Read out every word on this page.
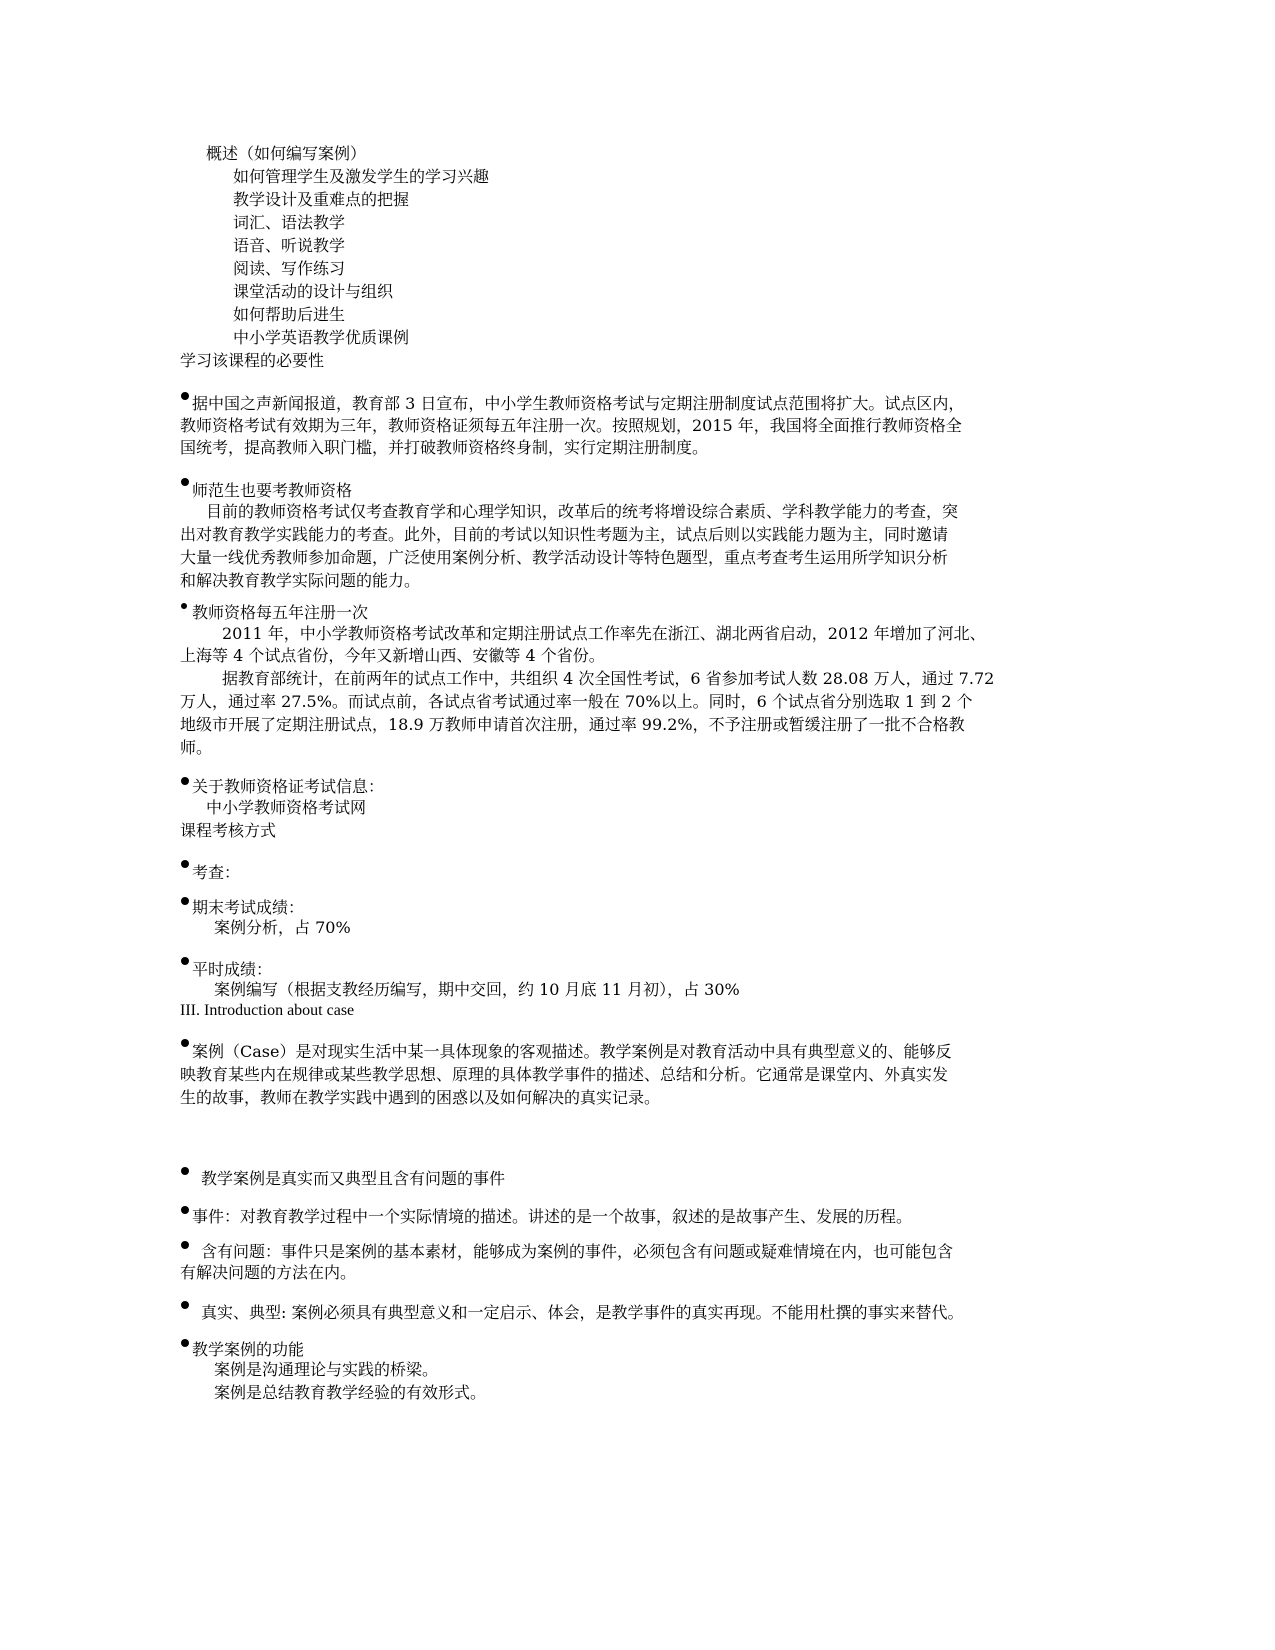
概述（如何编写案例）
如何管理学生及激发学生的学习兴趣
教学设计及重难点的把握
词汇、语法教学
语音、听说教学
阅读、写作练习
课堂活动的设计与组织
如何帮助后进生
中小学英语教学优质课例
学习该课程的必要性
据中国之声新闻报道，教育部 3 日宣布，中小学生教师资格考试与定期注册制度试点范围将扩大。试点区内，
教师资格考试有效期为三年，教师资格证须每五年注册一次。按照规划，2015 年，我国将全面推行教师资格全
国统考，提高教师入职门槛，并打破教师资格终身制，实行定期注册制度。
师范生也要考教师资格
目前的教师资格考试仅考查教育学和心理学知识，改革后的统考将增设综合素质、学科教学能力的考查，突
出对教育教学实践能力的考查。此外，目前的考试以知识性考题为主，试点后则以实践能力题为主，同时邀请
大量一线优秀教师参加命题，广泛使用案例分析、教学活动设计等特色题型，重点考查考生运用所学知识分析
和解决教育教学实际问题的能力。
教师资格每五年注册一次
2011 年，中小学教师资格考试改革和定期注册试点工作率先在浙江、湖北两省启动，2012 年增加了河北、
上海等 4 个试点省份，今年又新增山西、安徽等 4 个省份。
据教育部统计，在前两年的试点工作中，共组织 4 次全国性考试，6 省参加考试人数 28.08 万人，通过 7.72
万人，通过率 27.5%。而试点前，各试点省考试通过率一般在 70%以上。同时，6 个试点省分别选取 1 到 2 个
地级市开展了定期注册试点，18.9 万教师申请首次注册，通过率 99.2%，不予注册或暂缓注册了一批不合格教
师。
关于教师资格证考试信息：
中小学教师资格考试网
课程考核方式
考查：
期末考试成绩：
案例分析，占 70%
平时成绩：
案例编写（根据支教经历编写，期中交回，约 10 月底 11 月初），占 30%
III. Introduction about case
案例（Case）是对现实生活中某一具体现象的客观描述。教学案例是对教育活动中具有典型意义的、能够反
映教育某些内在规律或某些教学思想、原理的具体教学事件的描述、总结和分析。它通常是课堂内、外真实发
生的故事，教师在教学实践中遇到的困惑以及如何解决的真实记录。
教学案例是真实而又典型且含有问题的事件
事件：对教育教学过程中一个实际情境的描述。讲述的是一个故事，叙述的是故事产生、发展的历程。
含有问题：事件只是案例的基本素材，能够成为案例的事件，必须包含有问题或疑难情境在内，也可能包含
有解决问题的方法在内。
真实、典型: 案例必须具有典型意义和一定启示、体会，是教学事件的真实再现。不能用杜撰的事实来替代。
教学案例的功能
案例是沟通理论与实践的桥梁。
案例是总结教育教学经验的有效形式。
